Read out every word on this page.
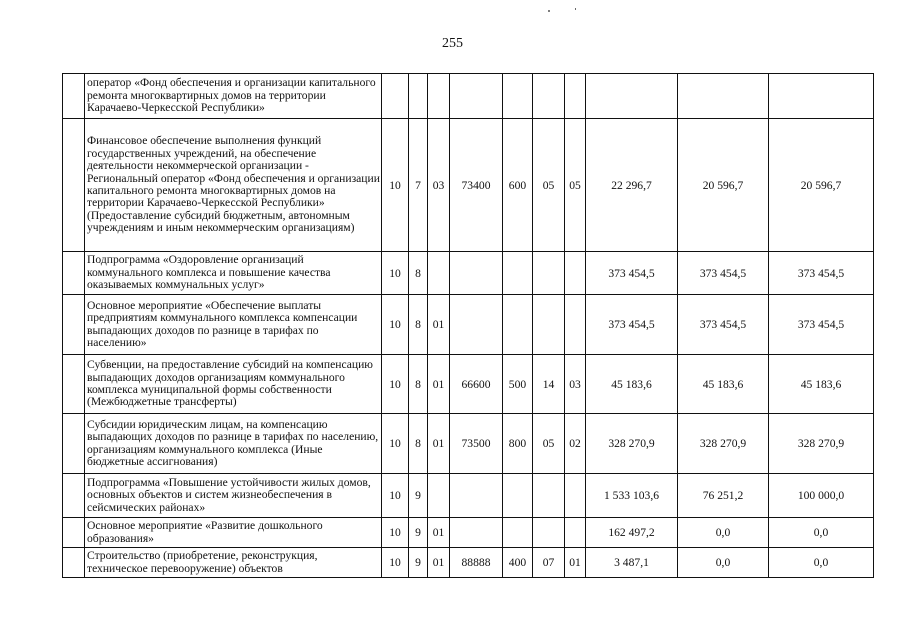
255
	оператор «Фонд обеспечения и организации капитального ремонта многоквартирных домов на территории Карачаево-Черкесской Республики»										
	Финансовое обеспечение выполнения функций государственных учреждений, на обеспечение деятельности некоммерческой организации - Региональный оператор «Фонд обеспечения и организации капитального ремонта многоквартирных домов на территории Карачаево-Черкесской Республики» (Предоставление субсидий бюджетным, автономным учреждениям и иным некоммерческим организациям)	10	7	03	73400	600	05	05	22 296,7	20 596,7	20 596,7
	Подпрограмма «Оздоровление организаций коммунального комплекса и повышение качества оказываемых коммунальных услуг»	10	8						373 454,5	373 454,5	373 454,5
	Основное мероприятие «Обеспечение выплаты предприятиям коммунального комплекса компенсации выпадающих доходов по разнице в тарифах по населению»	10	8	01					373 454,5	373 454,5	373 454,5
	Субвенции, на предоставление субсидий на компенсацию выпадающих доходов организациям коммунального комплекса муниципальной формы собственности (Межбюджетные трансферты)	10	8	01	66600	500	14	03	45 183,6	45 183,6	45 183,6
	Субсидии юридическим лицам, на компенсацию выпадающих доходов по разнице в тарифах по населению, организациям коммунального комплекса (Иные бюджетные ассигнования)	10	8	01	73500	800	05	02	328 270,9	328 270,9	328 270,9
	Подпрограмма «Повышение устойчивости жилых домов, основных объектов и систем жизнеобеспечения в сейсмических районах»	10	9						1 533 103,6	76 251,2	100 000,0
	Основное мероприятие «Развитие дошкольного образования»	10	9	01					162 497,2	0,0	0,0
	Строительство (приобретение, реконструкция, техническое перевооружение) объектов	10	9	01	88888	400	07	01	3 487,1	0,0	0,0
